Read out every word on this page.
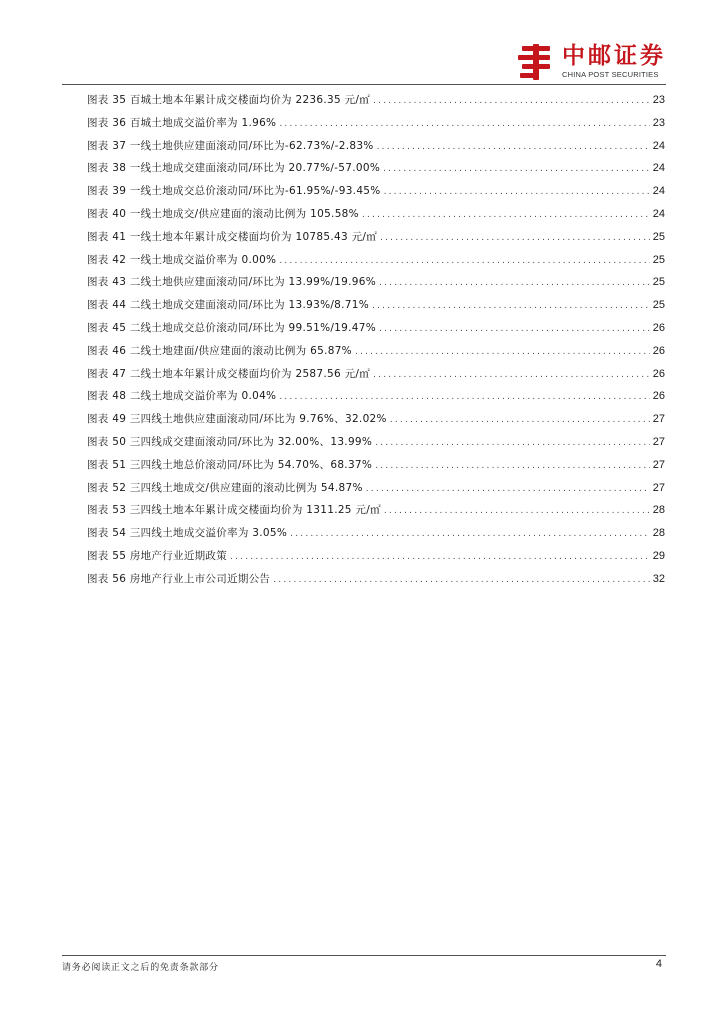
中邮证券
CHINA POST SECURITIES
图表 35 百城土地本年累计成交楼面均价为 2236.35 元/㎡ .....	23
图表 36 百城土地成交溢价率为 1.96% .....	23
图表 37 一线土地供应建面滚动同/环比为-62.73%/-2.83% .....	24
图表 38 一线土地成交建面滚动同/环比为 20.77%/-57.00% .....	24
图表 39 一线土地成交总价滚动同/环比为-61.95%/-93.45% .....	24
图表 40 一线土地成交/供应建面的滚动比例为 105.58% .....	24
图表 41 一线土地本年累计成交楼面均价为 10785.43 元/㎡ .....	25
图表 42 一线土地成交溢价率为 0.00% .....	25
图表 43 二线土地供应建面滚动同/环比为 13.99%/19.96% .....	25
图表 44 二线土地成交建面滚动同/环比为 13.93%/8.71% .....	25
图表 45 二线土地成交总价滚动同/环比为 99.51%/19.47% .....	26
图表 46 二线土地建面/供应建面的滚动比例为 65.87% .....	26
图表 47 二线土地本年累计成交楼面均价为 2587.56 元/㎡ .....	26
图表 48 二线土地成交溢价率为 0.04% .....	26
图表 49 三四线土地供应建面滚动同/环比为 9.76%、32.02% .....	27
图表 50 三四线成交建面滚动同/环比为 32.00%、13.99% .....	27
图表 51 三四线土地总价滚动同/环比为 54.70%、68.37% .....	27
图表 52 三四线土地成交/供应建面的滚动比例为 54.87% .....	27
图表 53 三四线土地本年累计成交楼面均价为 1311.25 元/㎡ .....	28
图表 54 三四线土地成交溢价率为 3.05% .....	28
图表 55 房地产行业近期政策 .....	29
图表 56 房地产行业上市公司近期公告 .....	32
请务必阅读正文之后的免责条款部分	4
